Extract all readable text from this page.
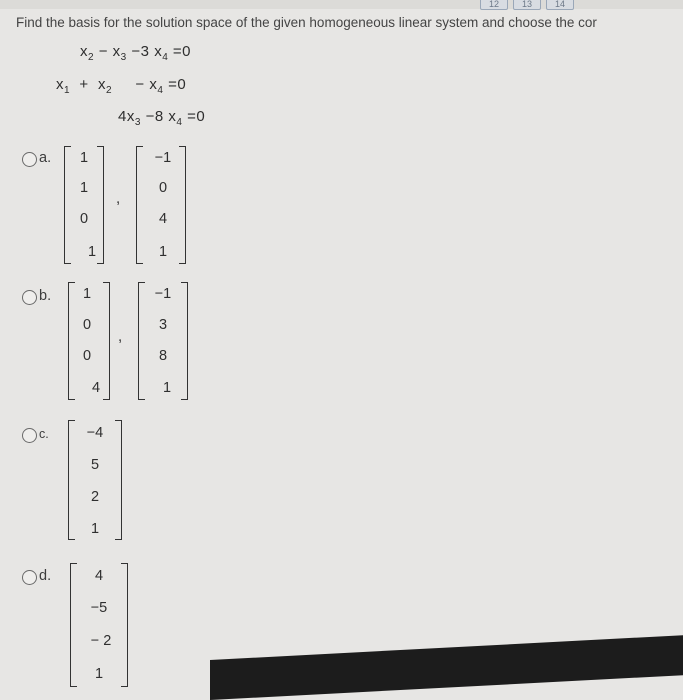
12	13	14
Find the basis for the solution space of the given homogeneous linear system and choose the cor
$x_2 - x_3 -3$ $x_4 =0$
$x_1 + x_2 - x_4 =0$
$4x_3 -8$ $x_4 =0$
a.	1
1
0
1
,
−1
0
4
1
b.	1
0
0
4
,
−1
3
8
1
c.	−4
5
2
1
d.	4
−5
− 2
1
